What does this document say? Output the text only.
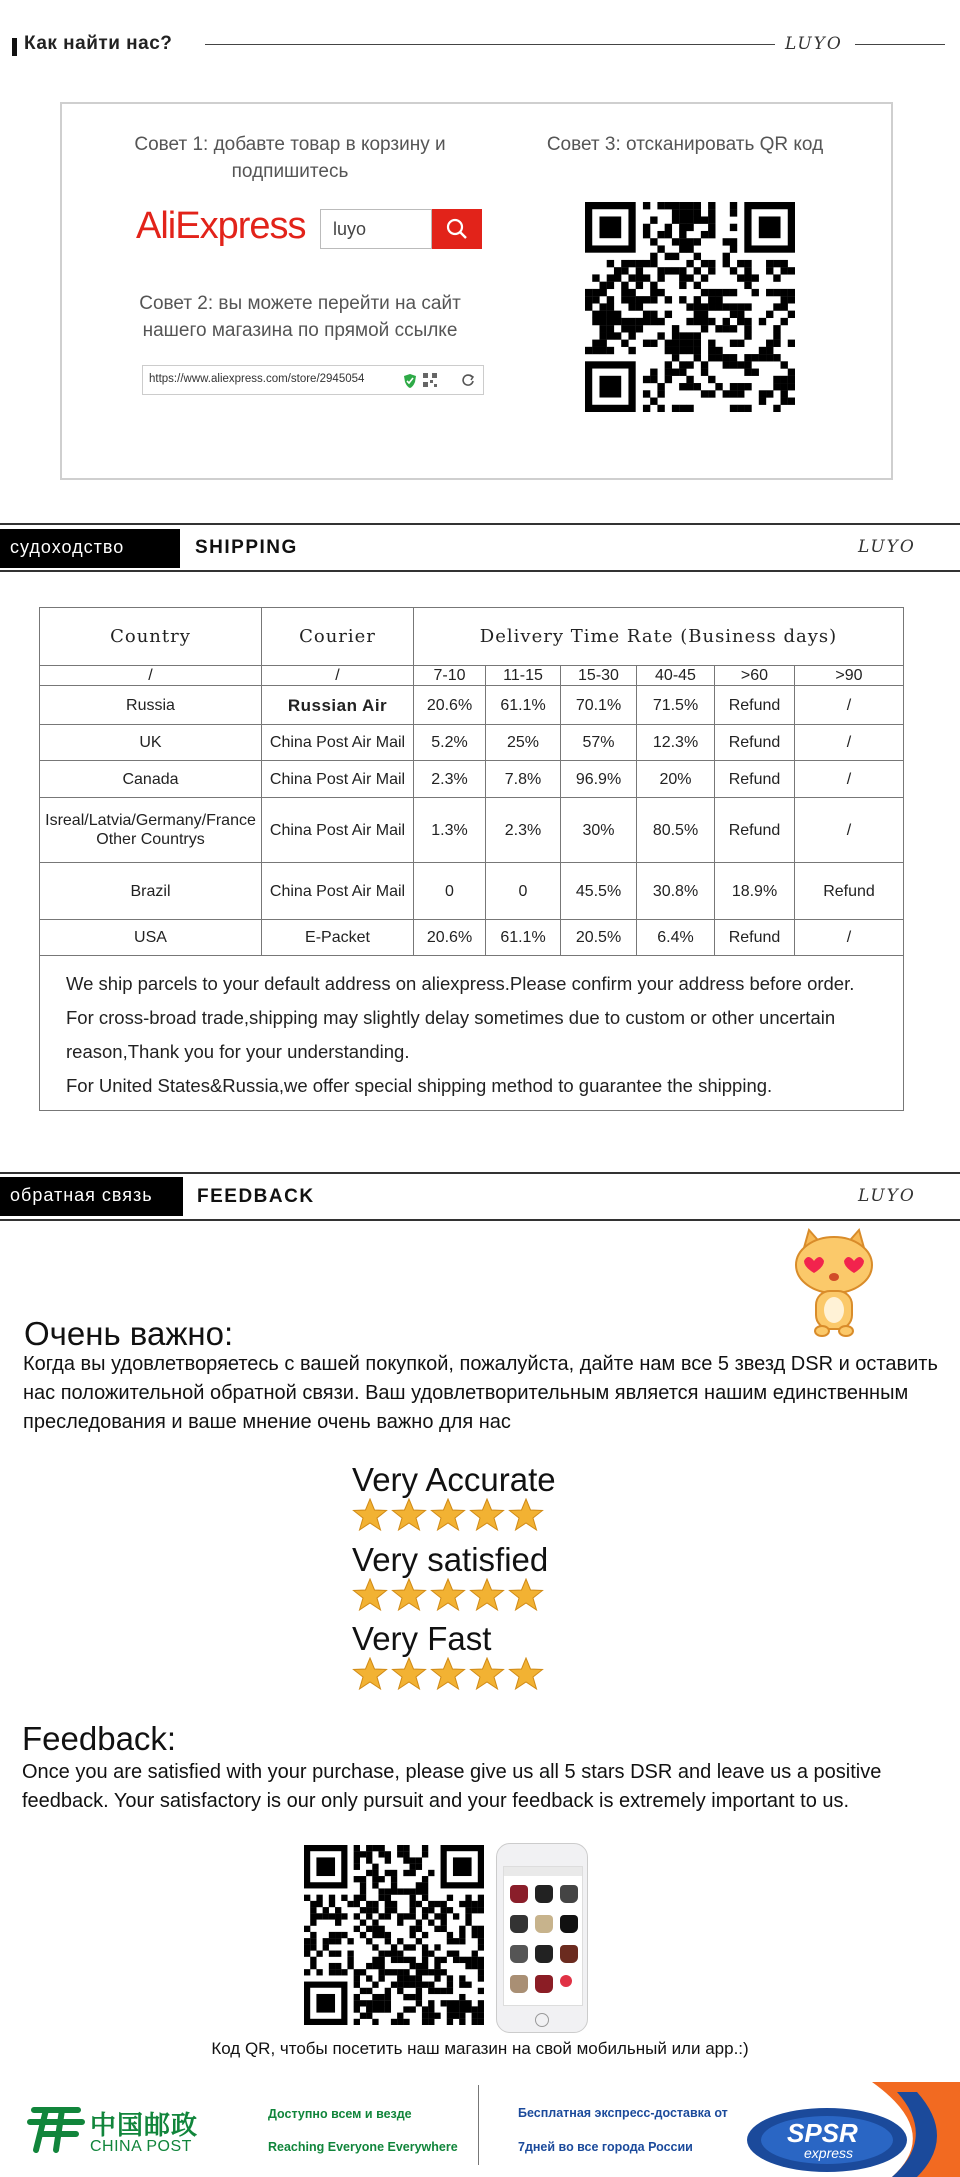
Как найти нас?	LUYO
Совет 1: добавте товар в корзину и подпишитесь
AliExpress	luyo
Совет 2: вы можете перейти на сайт нашего магазина по прямой ссылке
https://www.aliexpress.com/store/2945054
Совет 3: отсканировать QR код
судоходство	SHIPPING	LUYO
Country	Courier	Delivery Time Rate (Business days)					
/	/	7-10	11-15	15-30	40-45	>60	>90
Russia	Russian Air	20.6%	61.1%	70.1%	71.5%	Refund	/
UK	China Post Air Mail	5.2%	25%	57%	12.3%	Refund	/
Canada	China Post Air Mail	2.3%	7.8%	96.9%	20%	Refund	/
Isreal/Latvia/Germany/France Other Countrys	China Post Air Mail	1.3%	2.3%	30%	80.5%	Refund	/
Brazil	China Post Air Mail	0	0	45.5%	30.8%	18.9%	Refund
USA	E-Packet	20.6%	61.1%	20.5%	6.4%	Refund	/

We ship parcels to your default address on aliexpress.Please confirm your address before order.

For cross-broad trade,shipping may slightly delay sometimes due to custom or other uncertain reason,Thank you for your understanding.

For United States&Russia,we offer special shipping method to guarantee the shipping.

обратная связь	FEEDBACK	LUYO
Очень важно:
Когда вы удовлетворяетесь с вашей покупкой, пожалуйста, дайте нам все 5 звезд DSR и оставить нас положительной обратной связи. Ваш удовлетворительным является нашим единственным преследования и ваше мнение очень важно для нас
Very Accurate
Very satisfied
Very Fast
Feedback:
Once you are satisfied with your purchase, please give us all 5 stars DSR and leave us a positive feedback. Your satisfactory is our only pursuit and your feedback is extremely important to us.
Код QR, чтобы посетить наш магазин на свой мобильный или app.:)
中国邮政
CHINA POST
Доступно всем и везде
Reaching Everyone Everywhere
Бесплатная экспресс-доставка от
7дней во все города России	SPSR
express
